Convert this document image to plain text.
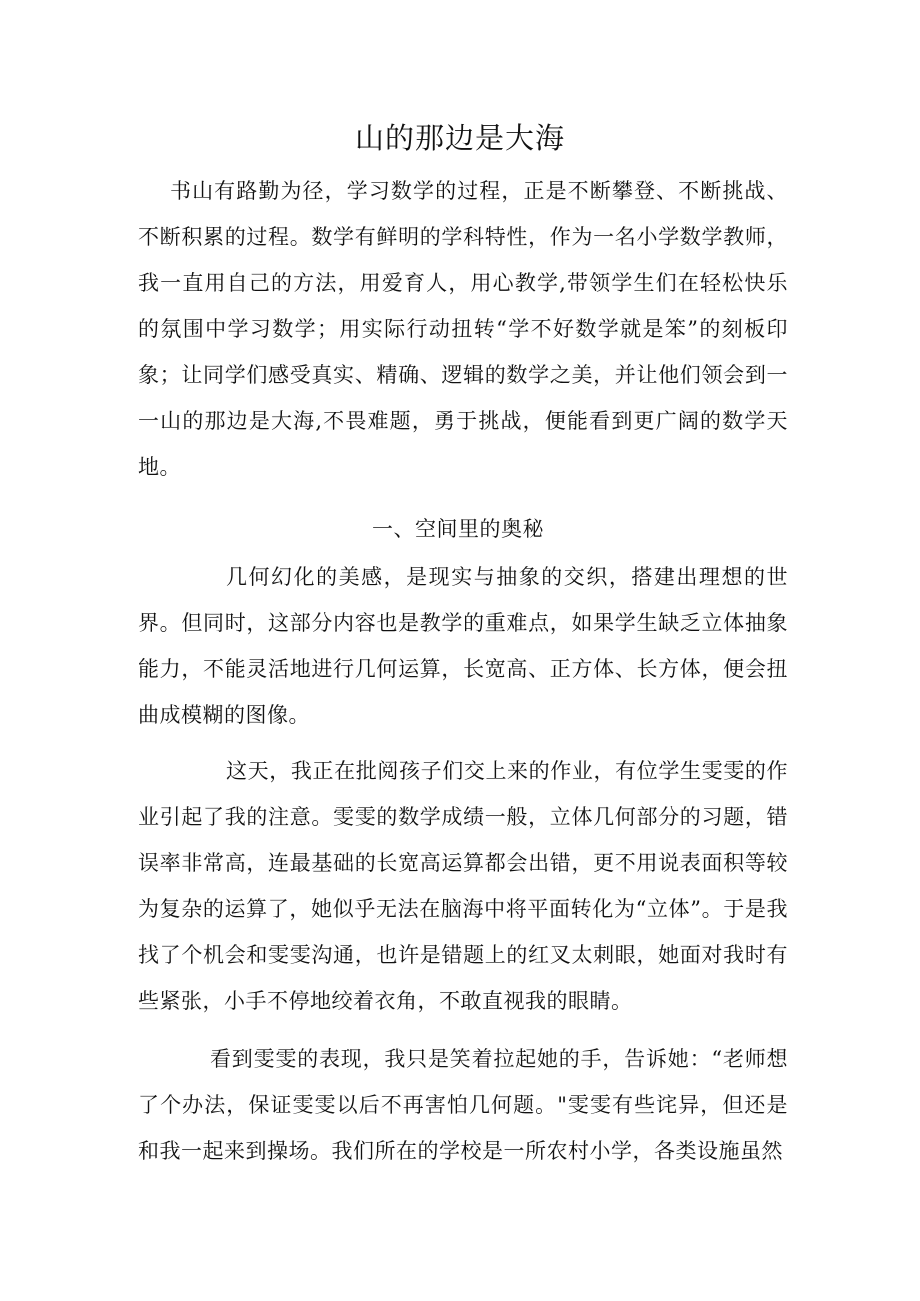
山的那边是大海

书山有路勤为径，学习数学的过程，正是不断攀登、不断挑战、不断积累的过程。数学有鲜明的学科特性，作为一名小学数学教师，我一直用自己的方法，用爱育人，用心教学,带领学生们在轻松快乐的氛围中学习数学；用实际行动扭转“学不好数学就是笨”的刻板印象；让同学们感受真实、精确、逻辑的数学之美，并让他们领会到一一山的那边是大海,不畏难题，勇于挑战，便能看到更广阔的数学天地。

一、空间里的奥秘

几何幻化的美感，是现实与抽象的交织，搭建出理想的世界。但同时，这部分内容也是教学的重难点，如果学生缺乏立体抽象能力，不能灵活地进行几何运算，长宽高、正方体、长方体，便会扭曲成模糊的图像。

这天，我正在批阅孩子们交上来的作业，有位学生雯雯的作业引起了我的注意。雯雯的数学成绩一般，立体几何部分的习题，错误率非常高，连最基础的长宽高运算都会出错，更不用说表面积等较为复杂的运算了，她似乎无法在脑海中将平面转化为“立体”。于是我找了个机会和雯雯沟通，也许是错题上的红叉太刺眼，她面对我时有些紧张，小手不停地绞着衣角，不敢直视我的眼睛。

看到雯雯的表现，我只是笑着拉起她的手，告诉她：“老师想了个办法，保证雯雯以后不再害怕几何题。"雯雯有些诧异，但还是和我一起来到操场。我们所在的学校是一所农村小学，各类设施虽然
